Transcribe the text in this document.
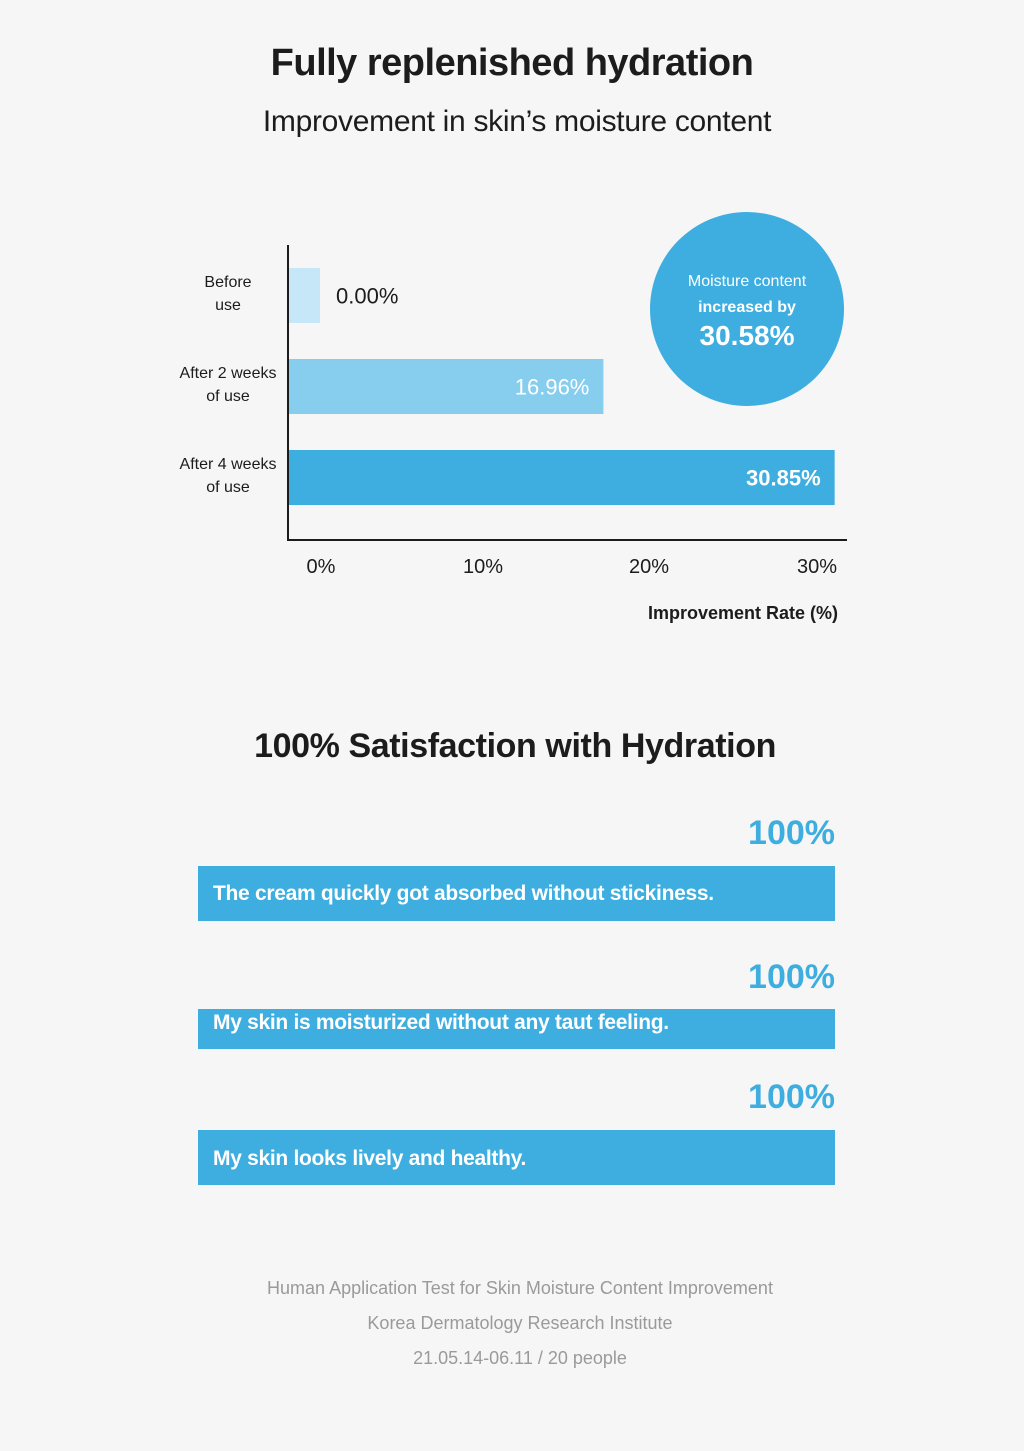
Fully replenished hydration
Improvement in skin’s moisture content
Moisture content
increased by
30.58%
0.00%
16.96%
30.85%
Before
use
After 2 weeks
of use
After 4 weeks
of use
0%	10%	20%	30%
Improvement Rate (%)
100% Satisfaction with Hydration
100%
The cream quickly got absorbed without stickiness.
100%
My skin is moisturized without any taut feeling.
100%
My skin looks lively and healthy.
Human Application Test for Skin Moisture Content Improvement
Korea Dermatology Research Institute
21.05.14-06.11 / 20 people
